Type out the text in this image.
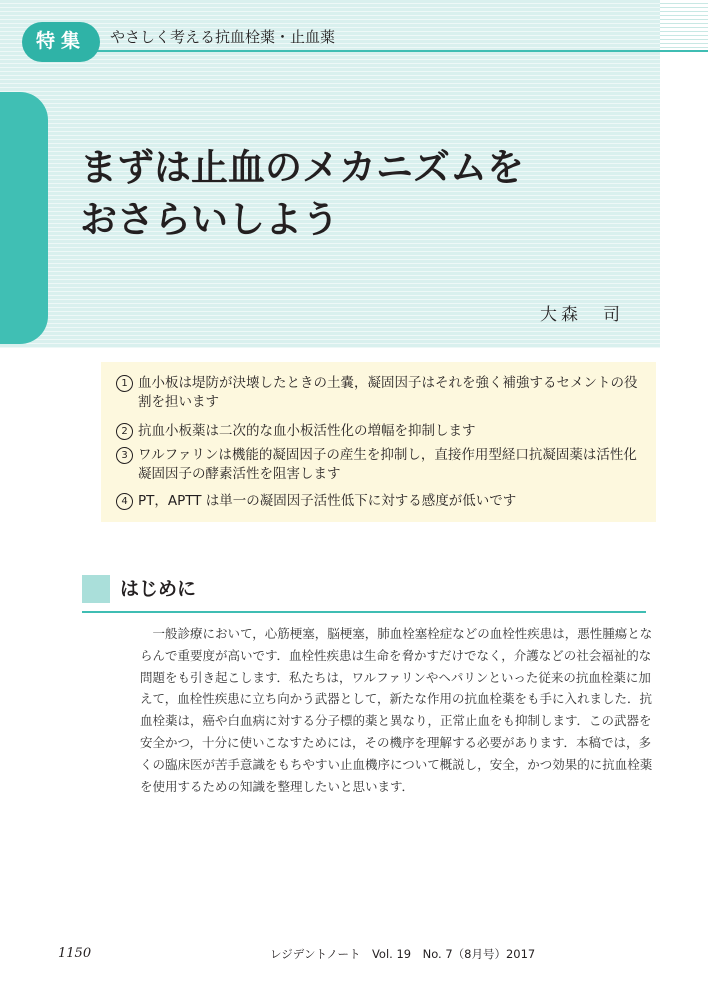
特集 やさしく考える抗血栓薬・止血薬
まずは止血のメカニズムを
おさらいしよう
大森　司
1 血小板は堤防が決壊したときの土嚢，凝固因子はそれを強く補強するセメントの役割を担います
2 抗血小板薬は二次的な血小板活性化の増幅を抑制します
3 ワルファリンは機能的凝固因子の産生を抑制し，直接作用型経口抗凝固薬は活性化凝固因子の酵素活性を阻害します
4 PT，APTT は単一の凝固因子活性低下に対する感度が低いです
はじめに

一般診療において，心筋梗塞，脳梗塞，肺血栓塞栓症などの血栓性疾患は，悪性腫瘍とならんで重要度が高いです．血栓性疾患は生命を脅かすだけでなく，介護などの社会福祉的な問題をも引き起こします．私たちは，ワルファリンやヘパリンといった従来の抗血栓薬に加えて，血栓性疾患に立ち向かう武器として，新たな作用の抗血栓薬をも手に入れました．抗血栓薬は，癌や白血病に対する分子標的薬と異なり，正常止血をも抑制します．この武器を安全かつ，十分に使いこなすためには，その機序を理解する必要があります．本稿では，多くの臨床医が苦手意識をもちやすい止血機序について概説し，安全，かつ効果的に抗血栓薬を使用するための知識を整理したいと思います．

1150	レジデントノート　Vol. 19　No. 7（8月号）2017
